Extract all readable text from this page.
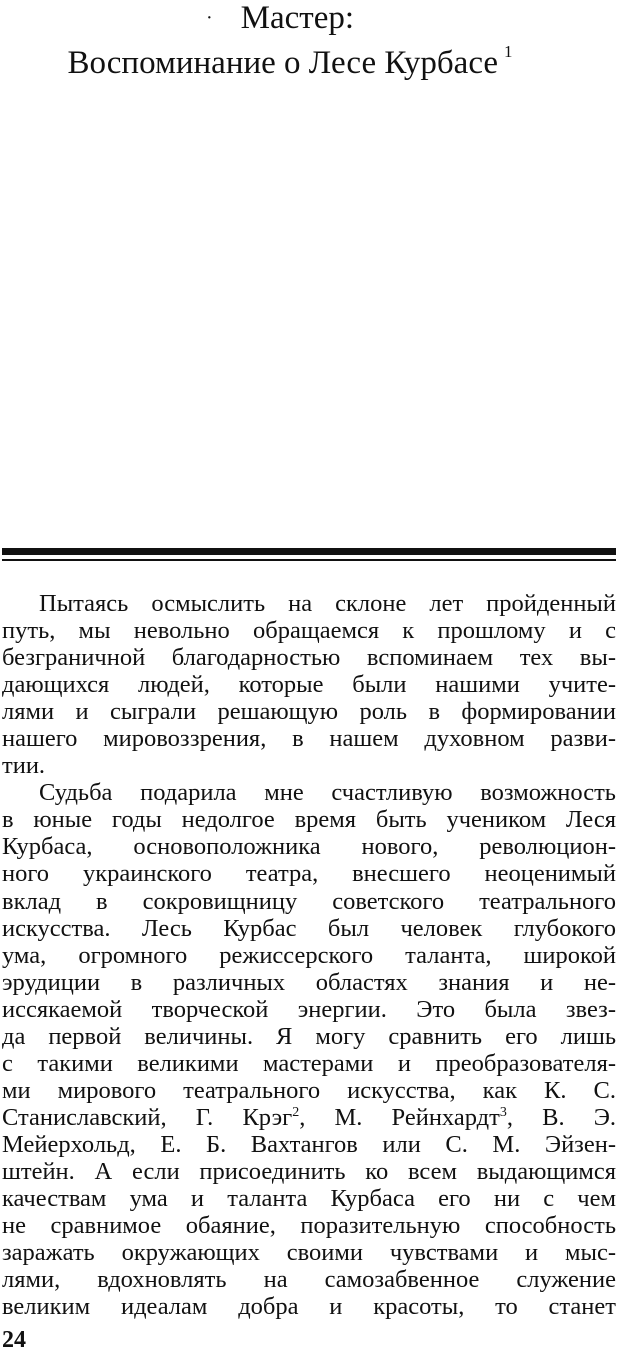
· Мастер:
Воспоминание о Лесе Курбасе $^1$
Пытаясь осмыслить на склоне лет пройденный
путь, мы невольно обращаемся к прошлому и с
безграничной благодарностью вспоминаем тех вы-
дающихся людей, которые были нашими учите-
лями и сыграли решающую роль в формировании
нашего мировоззрения, в нашем духовном разви-
тии.
Судьба подарила мне счастливую возможность
в юные годы недолгое время быть учеником Леся
Курбаса, основоположника нового, революцион-
ного украинского театра, внесшего неоценимый
вклад в сокровищницу советского театрального
искусства. Лесь Курбас был человек глубокого
ума, огромного режиссерского таланта, широкой
эрудиции в различных областях знания и не-
иссякаемой творческой энергии. Это была звез-
да первой величины. Я могу сравнить его лишь
с такими великими мастерами и преобразователя-
ми мирового театрального искусства, как К. С.
Станиславский, Г. Крэг$^2$, М. Рейнхардт$^3$, В. Э.
Мейерхольд, Е. Б. Вахтангов или С. М. Эйзен-
штейн. А если присоединить ко всем выдающимся
качествам ума и таланта Курбаса его ни с чем
не сравнимое обаяние, поразительную способность
заражать окружающих своими чувствами и мыс-
лями, вдохновлять на самозабвенное служение
великим идеалам добра и красоты, то станет
24
